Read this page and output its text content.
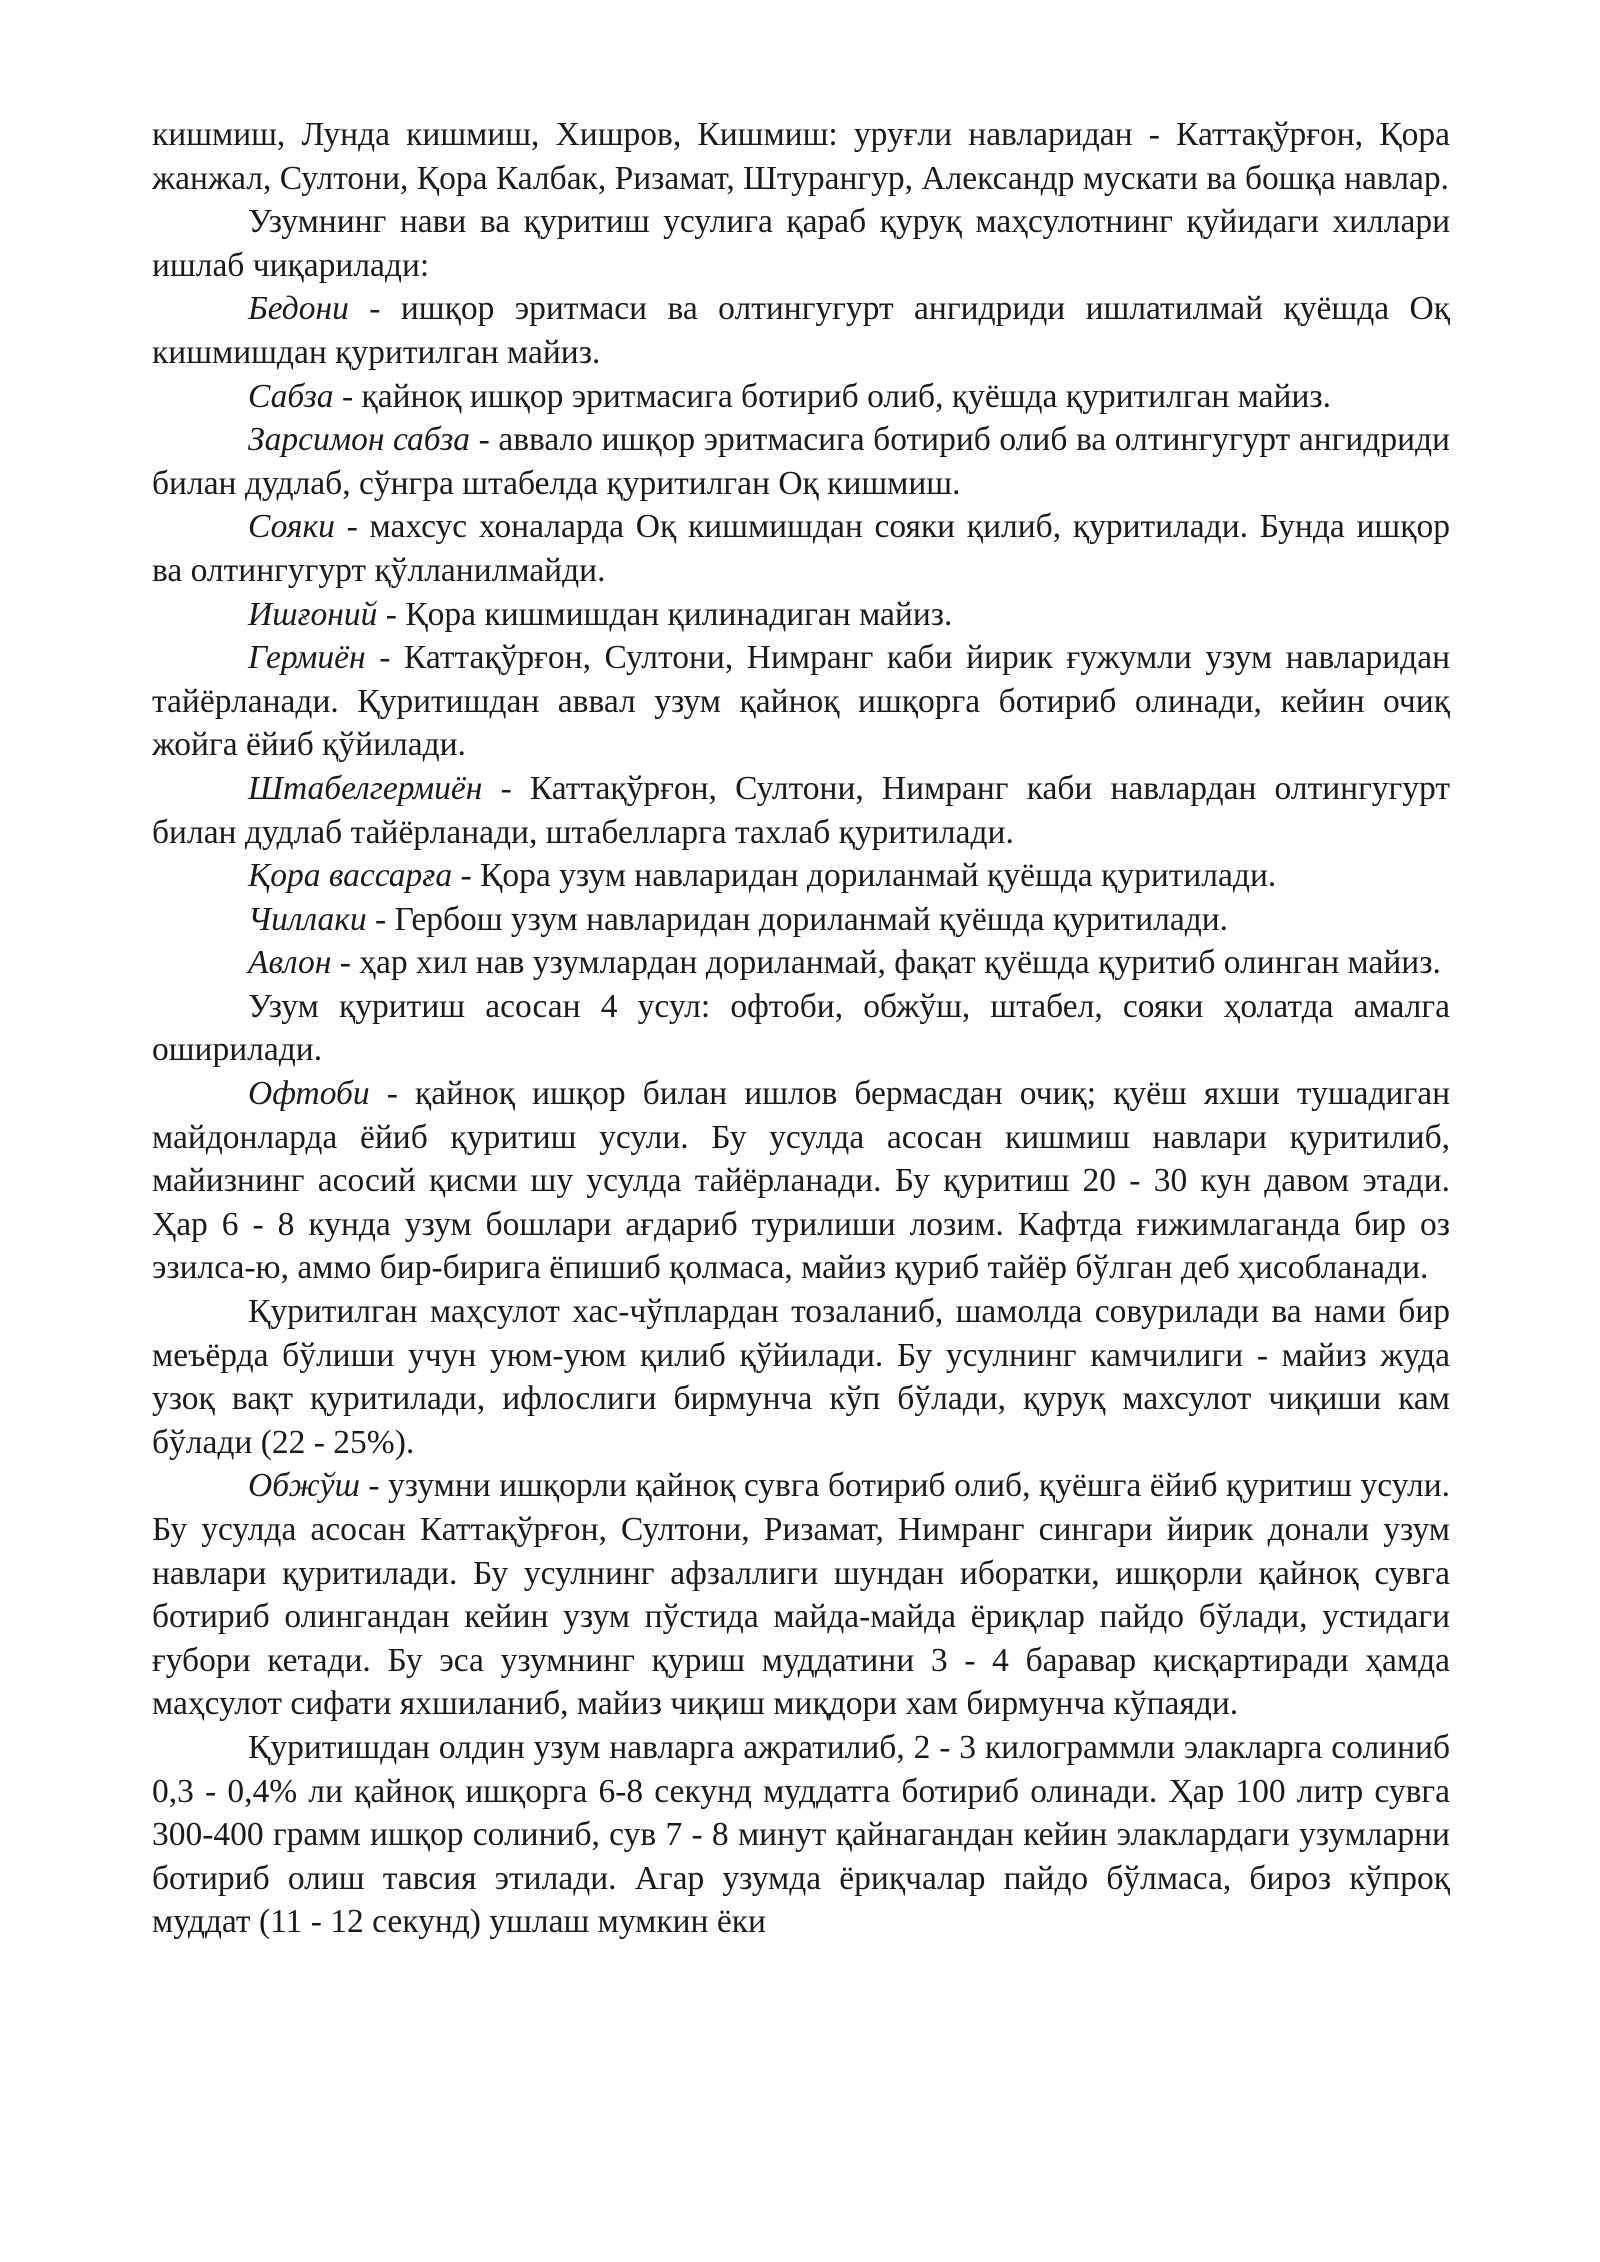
кишмиш, Лунда кишмиш, Хишров, Кишмиш: уруғли навларидан - Каттақўрғон, Қора жанжал, Султони, Қора Калбак, Ризамат, Штурангур, Александр мускати ва бошқа навлар.

Узумнинг нави ва қуритиш усулига қараб қуруқ маҳсулотнинг қуйидаги хиллари ишлаб чиқарилади:

Бедони - ишқор эритмаси ва олтингугурт ангидриди ишлатилмай қуёшда Оқ кишмишдан қуритилган майиз.

Сабза - қайноқ ишқор эритмасига ботириб олиб, қуёшда қуритилган майиз.

Зарсимон сабза - аввало ишқор эритмасига ботириб олиб ва олтингугурт ангидриди билан дудлаб, сўнгра штабелда қуритилган Оқ кишмиш.

Сояки - махсус хоналарда Оқ кишмишдан сояки қилиб, қуритилади. Бунда ишқор ва олтингугурт қўлланилмайди.

Ишғоний - Қора кишмишдан қилинадиган майиз.

Гермиён - Каттақўрғон, Султони, Нимранг каби йирик ғужумли узум навларидан тайёрланади. Қуритишдан аввал узум қайноқ ишқорга ботириб олинади, кейин очиқ жойга ёйиб қўйилади.

Штабелгермиён - Каттақўрғон, Султони, Нимранг каби навлардан олтингугурт билан дудлаб тайёрланади, штабелларга тахлаб қуритилади.

Қора вассарға - Қора узум навларидан дориланмай қуёшда қуритилади.

Чиллаки - Гербош узум навларидан дориланмай қуёшда қуритилади.

Авлон - ҳар хил нав узумлардан дориланмай, фақат қуёшда қуритиб олинган майиз.

Узум қуритиш асосан 4 усул: офтоби, обжўш, штабел, сояки ҳолатда амалга оширилади.

Офтоби - қайноқ ишқор билан ишлов бермасдан очиқ; қуёш яхши тушадиган майдонларда ёйиб қуритиш усули. Бу усулда асосан кишмиш навлари қуритилиб, майизнинг асосий қисми шу усулда тайёрланади. Бу қуритиш 20 - 30 кун давом этади. Ҳар 6 - 8 кунда узум бошлари ағдариб турилиши лозим. Кафтда ғижимлаганда бир оз эзилса-ю, аммо бир-бирига ёпишиб қолмаса, майиз қуриб тайёр бўлган деб ҳисобланади.

Қуритилган маҳсулот хас-чўплардан тозаланиб, шамолда совурилади ва нами бир меъёрда бўлиши учун уюм-уюм қилиб қўйилади. Бу усулнинг камчилиги - майиз жуда узоқ вақт қуритилади, ифлослиги бирмунча кўп бўлади, қуруқ махсулот чиқиши кам бўлади (22 - 25%).

Обжўш - узумни ишқорли қайноқ сувга ботириб олиб, қуёшга ёйиб қуритиш усули. Бу усулда асосан Каттақўрғон, Султони, Ризамат, Нимранг сингари йирик донали узум навлари қуритилади. Бу усулнинг афзаллиги шундан иборатки, ишқорли қайноқ сувга ботириб олингандан кейин узум пўстида майда-майда ёриқлар пайдо бўлади, устидаги ғубори кетади. Бу эса узумнинг қуриш муддатини 3 - 4 баравар қисқартиради ҳамда маҳсулот сифати яхшиланиб, майиз чиқиш миқдори хам бирмунча кўпаяди.

Қуритишдан олдин узум навларга ажратилиб, 2 - 3 килограммли элакларга солиниб 0,3 - 0,4% ли қайноқ ишқорга 6-8 секунд муддатга ботириб олинади. Ҳар 100 литр сувга 300-400 грамм ишқор солиниб, сув 7 - 8 минут қайнагандан кейин элаклардаги узумларни ботириб олиш тавсия этилади. Агар узумда ёриқчалар пайдо бўлмаса, бироз кўпроқ муддат (11 - 12 секунд) ушлаш мумкин ёки
